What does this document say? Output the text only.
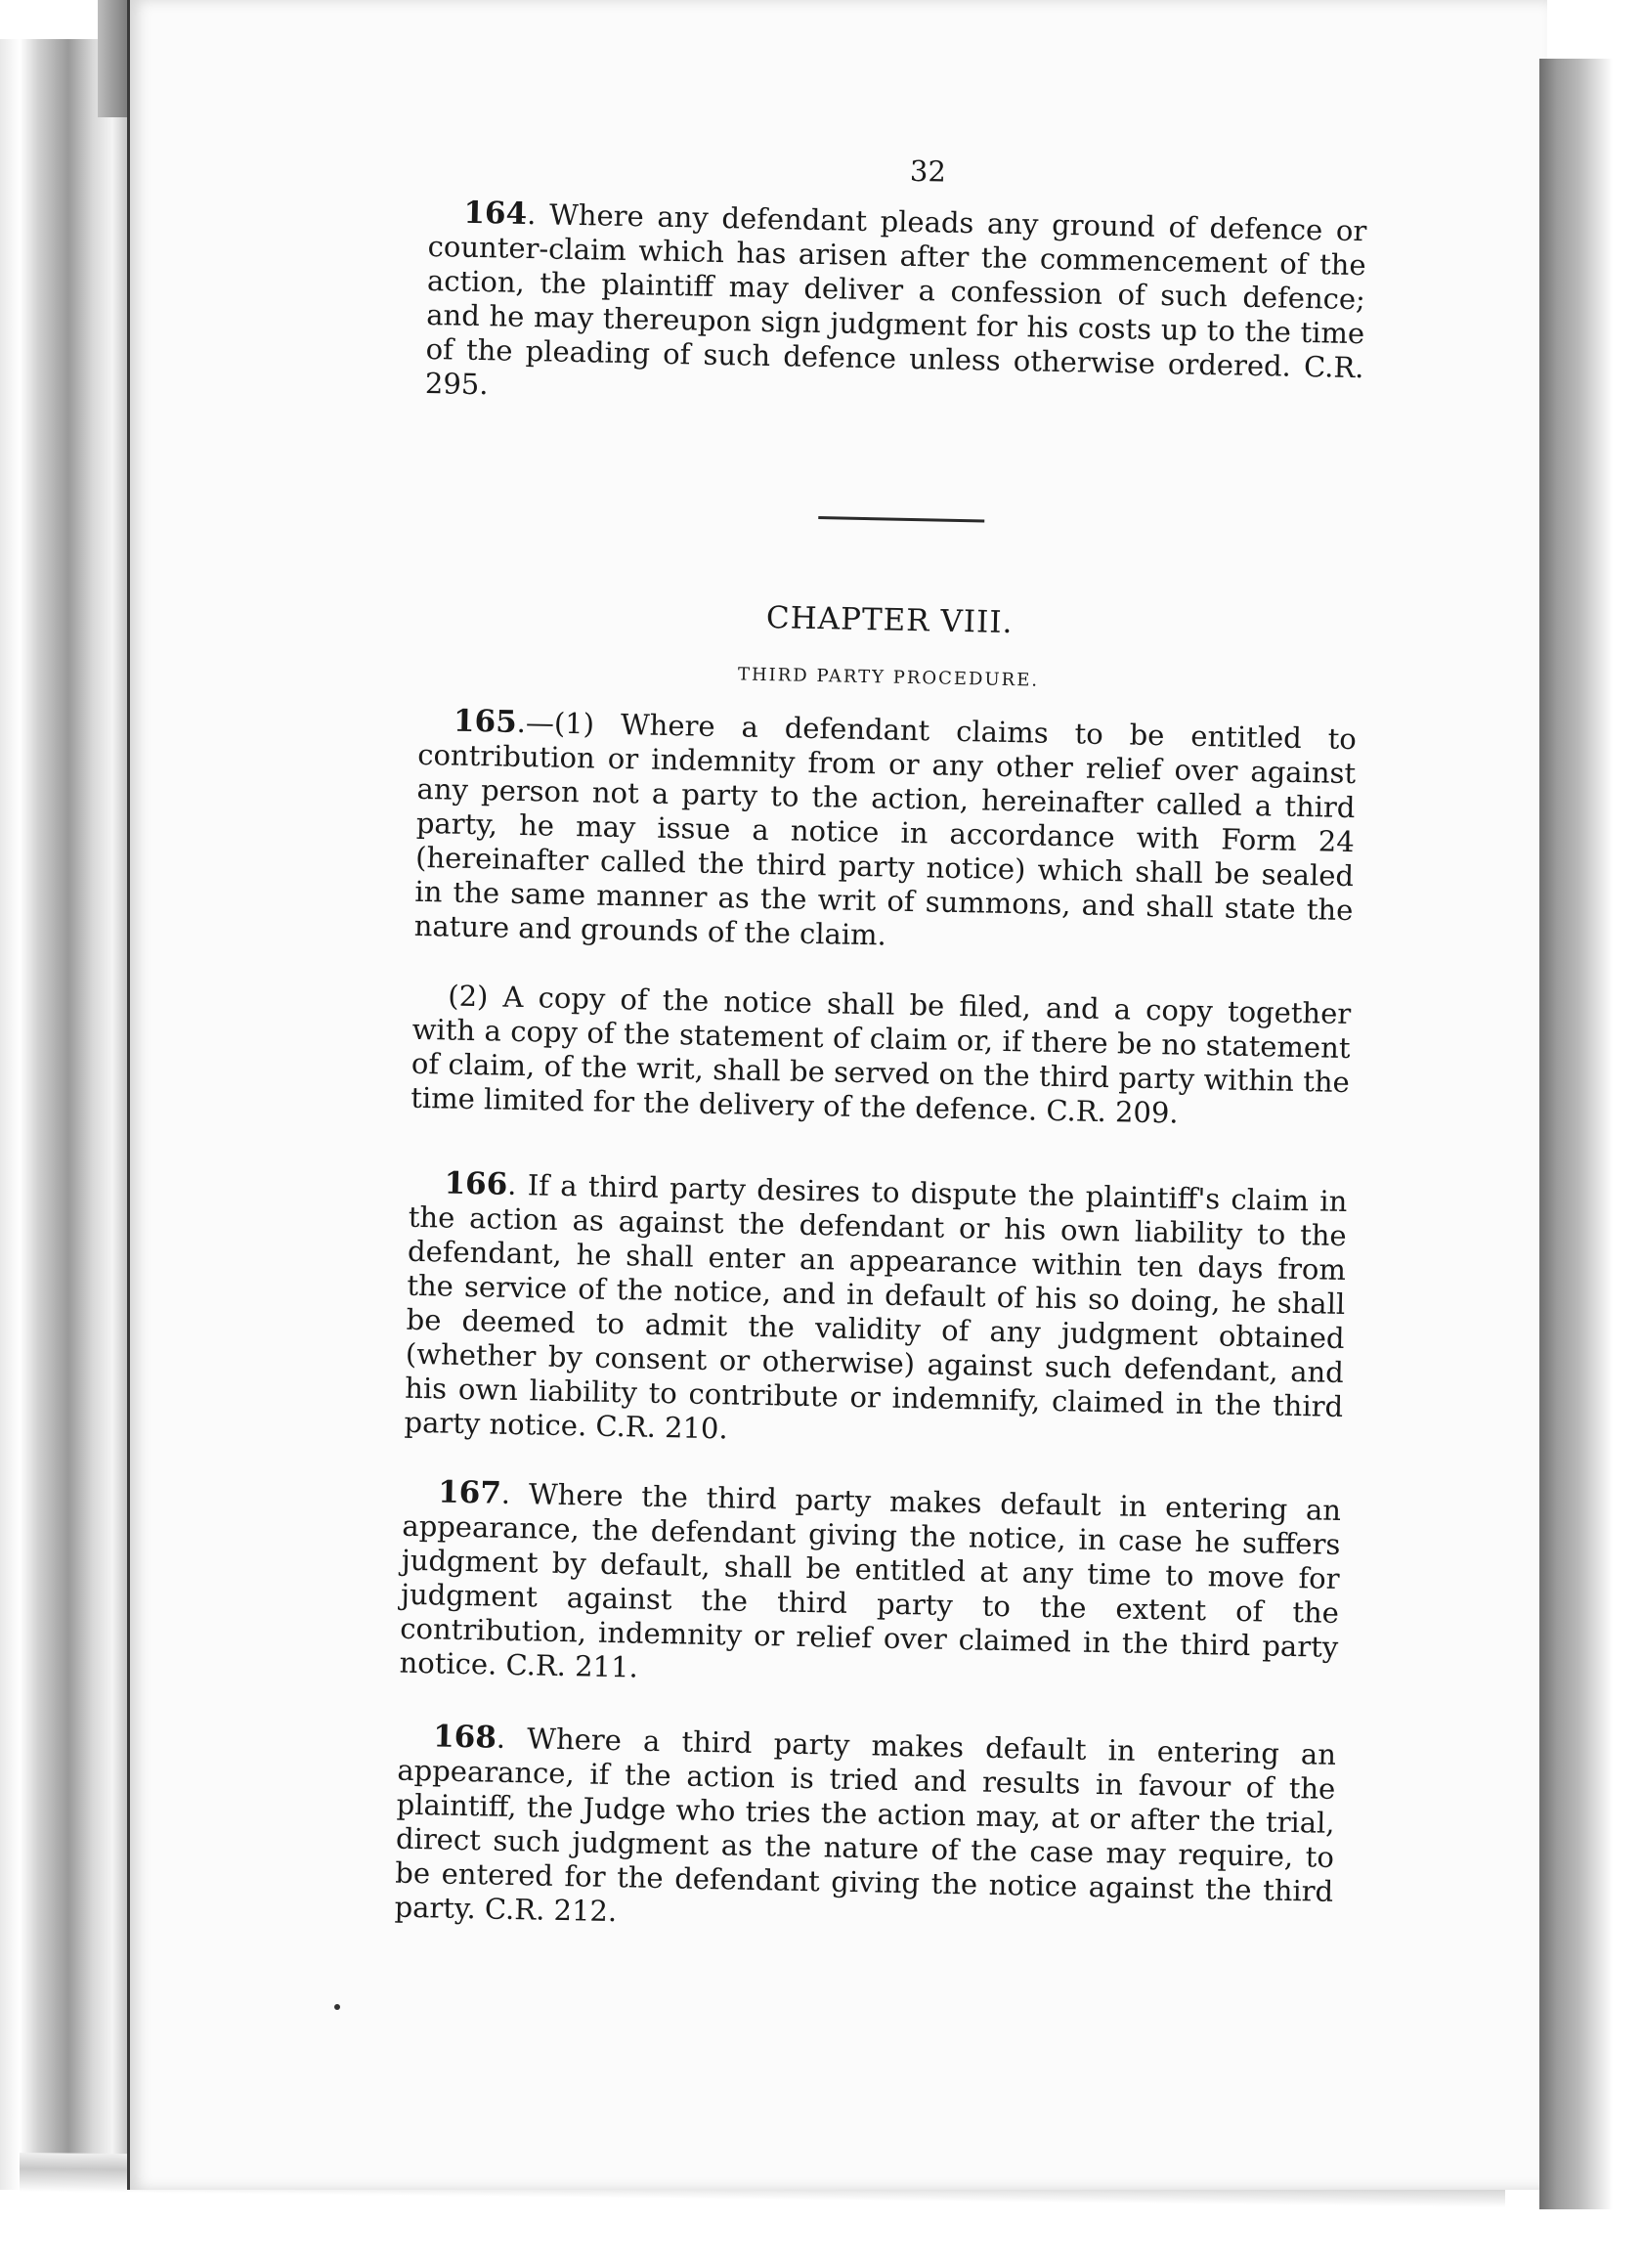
32

164. Where any defendant pleads any ground of defence or counter-claim which has arisen after the commencement of the action, the plaintiff may deliver a confession of such defence; and he may thereupon sign judgment for his costs up to the time of the pleading of such defence unless otherwise ordered. C.R. 295.

CHAPTER VIII.
THIRD PARTY PROCEDURE.

165.—(1) Where a defendant claims to be entitled to contribution or indemnity from or any other relief over against any person not a party to the action, hereinafter called a third party, he may issue a notice in accordance with Form 24 (hereinafter called the third party notice) which shall be sealed in the same manner as the writ of summons, and shall state the nature and grounds of the claim.

(2) A copy of the notice shall be filed, and a copy together with a copy of the statement of claim or, if there be no statement of claim, of the writ, shall be served on the third party within the time limited for the delivery of the defence. C.R. 209.

166. If a third party desires to dispute the plaintiff's claim in the action as against the defendant or his own liability to the defendant, he shall enter an appearance within ten days from the service of the notice, and in default of his so doing, he shall be deemed to admit the validity of any judgment obtained (whether by consent or otherwise) against such defendant, and his own liability to contribute or indemnify, claimed in the third party notice. C.R. 210.

167. Where the third party makes default in entering an appearance, the defendant giving the notice, in case he suffers judgment by default, shall be entitled at any time to move for judgment against the third party to the extent of the contribution, indemnity or relief over claimed in the third party notice. C.R. 211.

168. Where a third party makes default in entering an appearance, if the action is tried and results in favour of the plaintiff, the Judge who tries the action may, at or after the trial, direct such judgment as the nature of the case may require, to be entered for the defendant giving the notice against the third party. C.R. 212.
